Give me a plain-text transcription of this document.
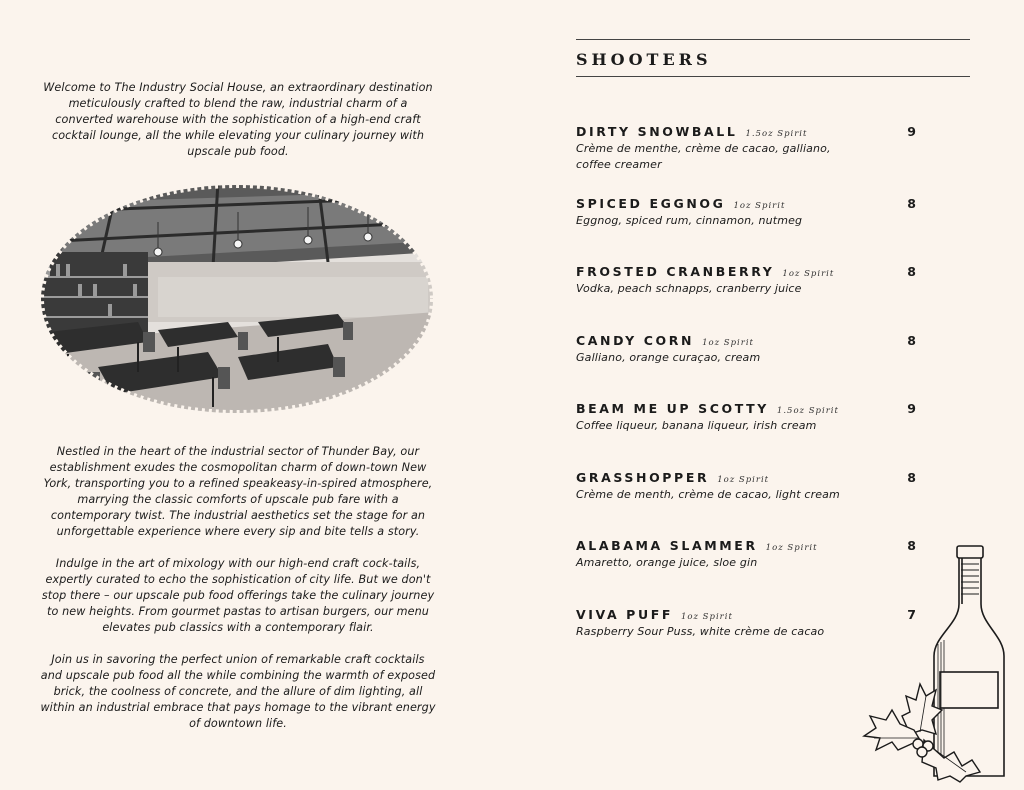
Welcome to The Industry Social House, an extraordinary destination meticulously crafted to blend the raw, industrial charm of a converted warehouse with the sophistication of a high-end craft cocktail lounge, all the while elevating your culinary journey with upscale pub food.

Nestled in the heart of the industrial sector of Thunder Bay, our establishment exudes the cosmopolitan charm of down-town New York, transporting you to a refined speakeasy-in-spired atmosphere, marrying the classic comforts of upscale pub fare with a contemporary twist. The industrial aesthetics set the stage for an unforgettable experience where every sip and bite tells a story.

Indulge in the art of mixology with our high-end craft cock-tails, expertly curated to echo the sophistication of city life. But we don't stop there – our upscale pub food offerings take the culinary journey to new heights. From gourmet pastas to artisan burgers, our menu elevates pub classics with a contemporary flair.

Join us in savoring the perfect union of remarkable craft cocktails and upscale pub food all the while combining the warmth of exposed brick, the coolness of concrete, and the allure of dim lighting, all within an industrial embrace that pays homage to the vibrant energy of downtown life.

SHOOTERS
DIRTY SNOWBALL 1.5oz Spirit	9
Crème de menthe, crème de cacao, galliano, coffee creamer
SPICED EGGNOG 1oz Spirit	8
Eggnog, spiced rum, cinnamon, nutmeg
FROSTED CRANBERRY 1oz Spirit	8
Vodka, peach schnapps, cranberry juice
CANDY CORN 1oz Spirit	8
Galliano, orange curaçao, cream
BEAM ME UP SCOTTY 1.5oz Spirit	9
Coffee liqueur, banana liqueur, irish cream
GRASSHOPPER 1oz Spirit	8
Crème de menth, crème de cacao, light cream
ALABAMA SLAMMER 1oz Spirit	8
Amaretto, orange juice, sloe gin
VIVA PUFF 1oz Spirit	7
Raspberry Sour Puss, white crème de cacao
